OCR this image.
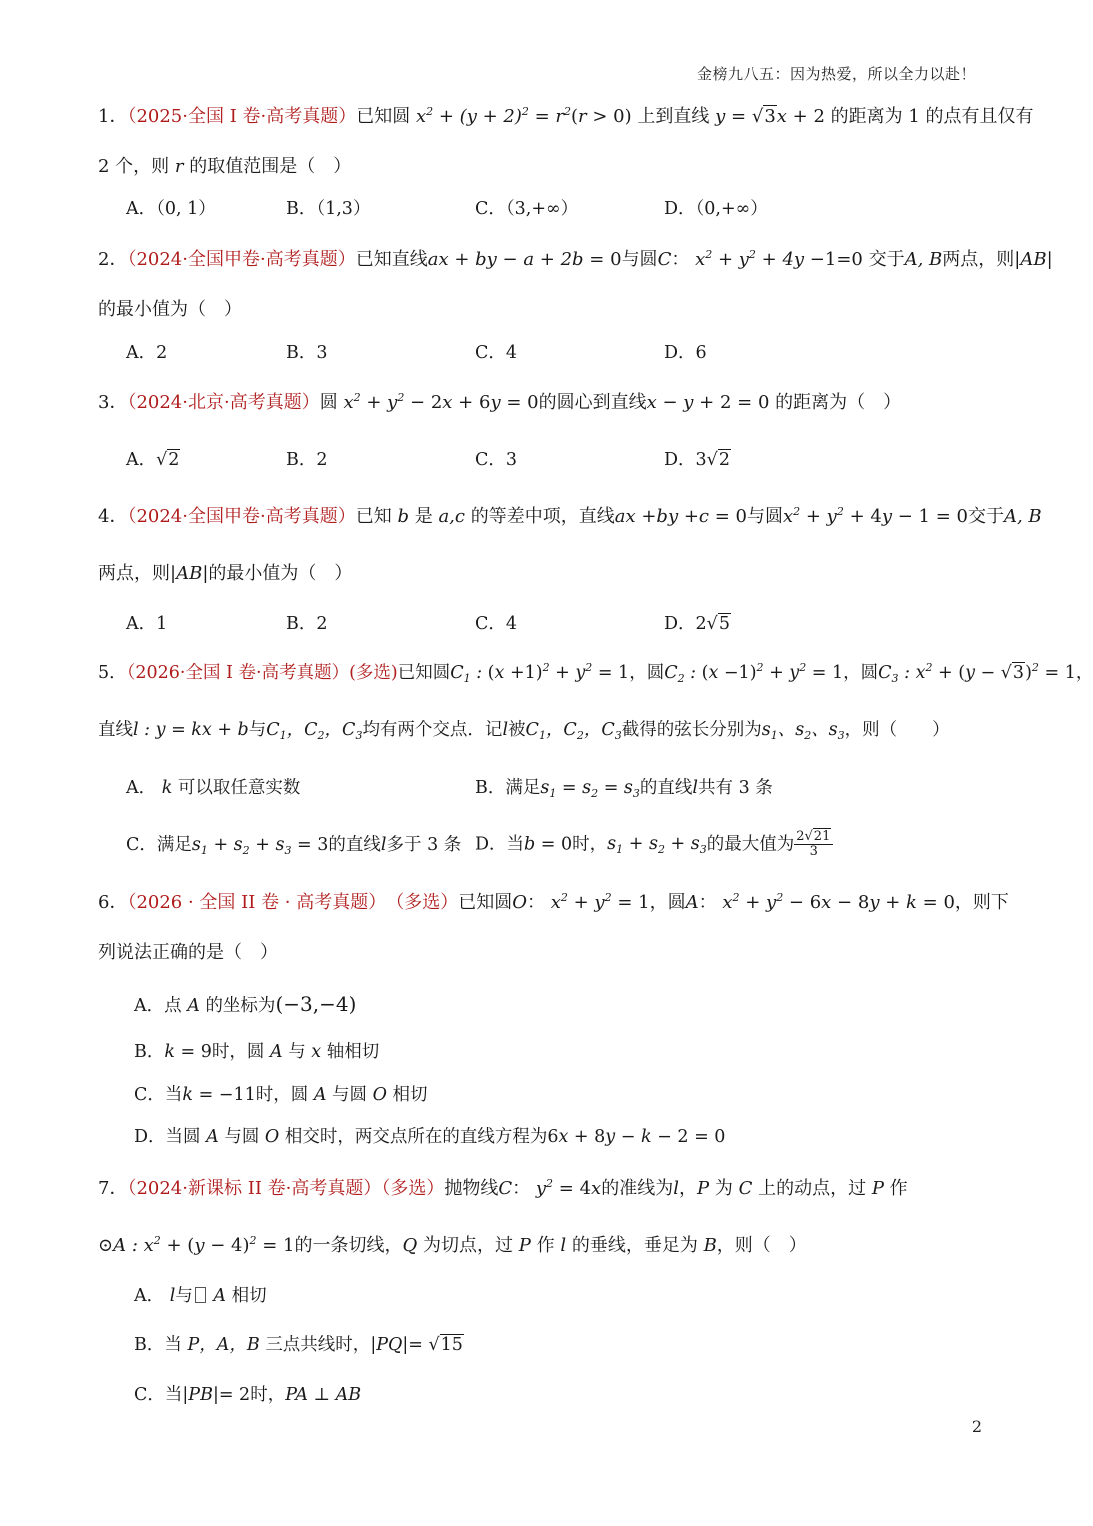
金榜九八五：因为热爱，所以全力以赴！
1．（2025·全国 I 卷·高考真题）已知圆 $x^2 + (y + 2)^2 = r^2(r > 0)$ 上到直线 y = √3x + 2 的距离为 1 的点有且仅有
2 个，则 r 的取值范围是（　）
A．（0, 1）	B．（1,3）	C．（3,+∞）	D．（0,+∞）
2．（2024·全国甲卷·高考真题）已知直线ax + by − a + 2b = 0与圆C： $x^2 + y^2 + 4y -1=0$ 交于A, B两点，则|AB|
的最小值为（　）
A．2	B．3	C．4	D．6
3．（2024·北京·高考真题）圆 $x^2 + y^2 - 2x + 6y = 0$的圆心到直线x − y + 2 = 0 的距离为（　）
A．√2	B．2	C．3	D．3√2
4．（2024·全国甲卷·高考真题）已知 b 是 a,c 的等差中项，直线ax +by +c = 0与圆$x^2 + y^2 + 4y - 1 = 0$交于A, B
两点，则|AB|的最小值为（　）
A．1	B．2	C．4	D．2√5
5．（2026·全国 I 卷·高考真题）(多选)已知圆$C_1$ : $(x +1)^2 + y^2 = 1$，圆$C_2$ : $(x -1)^2 + y^2 = 1$，圆$C_3$ : $x^2 + (y - √3)^2 = 1$，
直线l : y = kx + b与$C_1$，$C_2$，$C_3$均有两个交点．记l被$C_1$，$C_2$，$C_3$截得的弦长分别为$s_1$、$s_2$、$s_3$，则（　　）
A． k 可以取任意实数	B．满足$s_1 = s_2 = s_3$的直线l共有 3 条
C．满足$s_1 + s_2 + s_3 = 3$的直线l多于 3 条 D．当b = 0时，$s_1 + s_2 + s_3$的最大值为 $\frac{2√21}{3}$
6．（2026 · 全国 II 卷 · 高考真题）　（多选）已知圆O： $x^2 + y^2 = 1$，圆A： $x^2 + y^2 - 6x - 8y + k = 0$，则下
列说法正确的是（　）
A．点 A 的坐标为(−3,−4)
B．k = 9时，圆 A 与 x 轴相切
C．当k = −11时，圆 A 与圆 O 相切
D．当圆 A 与圆 O 相交时，两交点所在的直线方程为6x + 8y − k − 2 = 0
7．（2024·新课标 II 卷·高考真题）（多选）抛物线C： $y^2 = 4x$的准线为l，P 为 C 上的动点，过 P 作
⊙A : $x^2 + (y - 4)^2 = 1$的一条切线，Q 为切点，过 P 作 l 的垂线，垂足为 B，则（　）
A． l与 A 相切
B．当 P，A，B 三点共线时，|PQ|= √15
C．当|PB|= 2时，PA ⊥ AB
2
